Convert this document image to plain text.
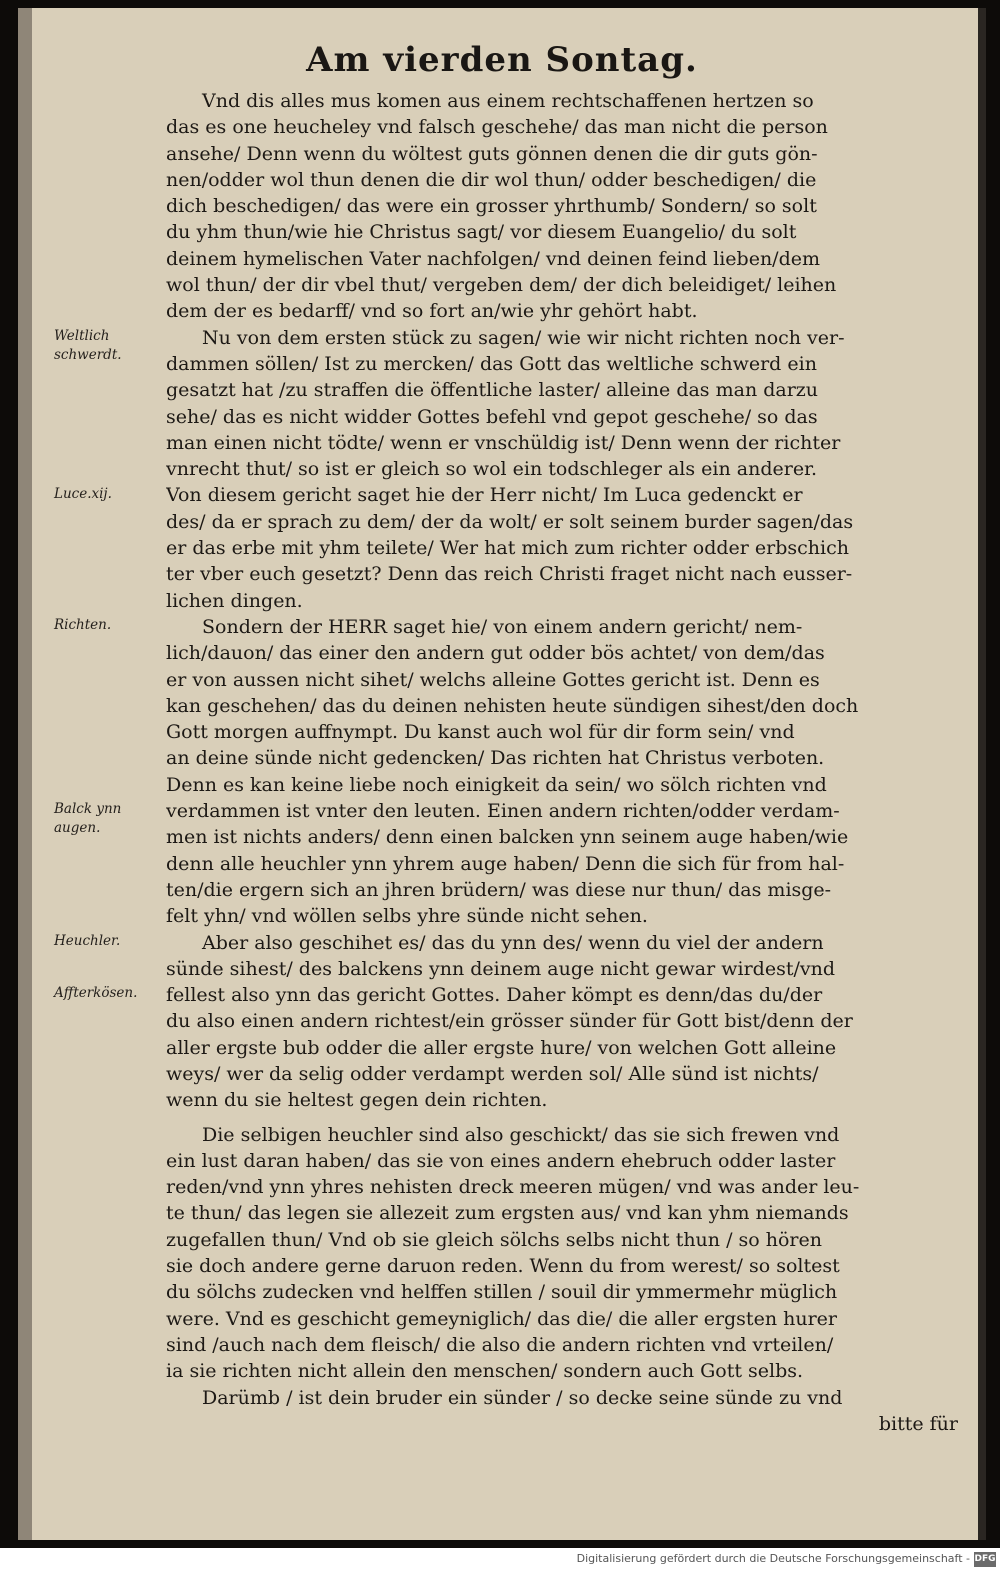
Am vierden Sontag.
Weltlich schwerdt.
Luce.xij.
Richten.
Balck ynn augen.
Heuchler.
Affterkösen.
Vnd dis alles mus komen aus einem rechtschaffenen hertzen so
das es one heucheley vnd falsch geschehe/ das man nicht die person
ansehe/ Denn wenn du wöltest guts gönnen denen die dir guts gön-
nen/odder wol thun denen die dir wol thun/ odder beschedigen/ die
dich beschedigen/ das were ein grosser yhrthumb/ Sondern/ so solt
du yhm thun/wie hie Christus sagt/ vor diesem Euangelio/ du solt
deinem hymelischen Vater nachfolgen/ vnd deinen feind lieben/dem
wol thun/ der dir vbel thut/ vergeben dem/ der dich beleidiget/ leihen
dem der es bedarff/ vnd so fort an/wie yhr gehört habt.
Nu von dem ersten stück zu sagen/ wie wir nicht richten noch ver-
dammen söllen/ Ist zu mercken/ das Gott das weltliche schwerd ein
gesatzt hat /zu straffen die öffentliche laster/ alleine das man darzu
sehe/ das es nicht widder Gottes befehl vnd gepot geschehe/ so das
man einen nicht tödte/ wenn er vnschüldig ist/ Denn wenn der richter
vnrecht thut/ so ist er gleich so wol ein todschleger als ein anderer.
Von diesem gericht saget hie der Herr nicht/ Im Luca gedenckt er
des/ da er sprach zu dem/ der da wolt/ er solt seinem burder sagen/das
er das erbe mit yhm teilete/ Wer hat mich zum richter odder erbschich
ter vber euch gesetzt? Denn das reich Christi fraget nicht nach eusser-
lichen dingen.
Sondern der HERR saget hie/ von einem andern gericht/ nem-
lich/dauon/ das einer den andern gut odder bös achtet/ von dem/das
er von aussen nicht sihet/ welchs alleine Gottes gericht ist. Denn es
kan geschehen/ das du deinen nehisten heute sündigen sihest/den doch
Gott morgen auffnympt. Du kanst auch wol für dir form sein/ vnd
an deine sünde nicht gedencken/ Das richten hat Christus verboten.
Denn es kan keine liebe noch einigkeit da sein/ wo sölch richten vnd
verdammen ist vnter den leuten. Einen andern richten/odder verdam-
men ist nichts anders/ denn einen balcken ynn seinem auge haben/wie
denn alle heuchler ynn yhrem auge haben/ Denn die sich für from hal-
ten/die ergern sich an jhren brüdern/ was diese nur thun/ das misge-
felt yhn/ vnd wöllen selbs yhre sünde nicht sehen.
Aber also geschihet es/ das du ynn des/ wenn du viel der andern
sünde sihest/ des balckens ynn deinem auge nicht gewar wirdest/vnd
fellest also ynn das gericht Gottes. Daher kömpt es denn/das du/der
du also einen andern richtest/ein grösser sünder für Gott bist/denn der
aller ergste bub odder die aller ergste hure/ von welchen Gott alleine
weys/ wer da selig odder verdampt werden sol/ Alle sünd ist nichts/
wenn du sie heltest gegen dein richten.
Die selbigen heuchler sind also geschickt/ das sie sich frewen vnd
ein lust daran haben/ das sie von eines andern ehebruch odder laster
reden/vnd ynn yhres nehisten dreck meeren mügen/ vnd was ander leu-
te thun/ das legen sie allezeit zum ergsten aus/ vnd kan yhm niemands
zugefallen thun/ Vnd ob sie gleich sölchs selbs nicht thun / so hören
sie doch andere gerne daruon reden. Wenn du from werest/ so soltest
du sölchs zudecken vnd helffen stillen / souil dir ymmermehr müglich
were. Vnd es geschicht gemeyniglich/ das die/ die aller ergsten hurer
sind /auch nach dem fleisch/ die also die andern richten vnd vrteilen/
ia sie richten nicht allein den menschen/ sondern auch Gott selbs.
Darümb / ist dein bruder ein sünder / so decke seine sünde zu vnd
bitte für
Digitalisierung gefördert durch die Deutsche Forschungsgemeinschaft - DFG
